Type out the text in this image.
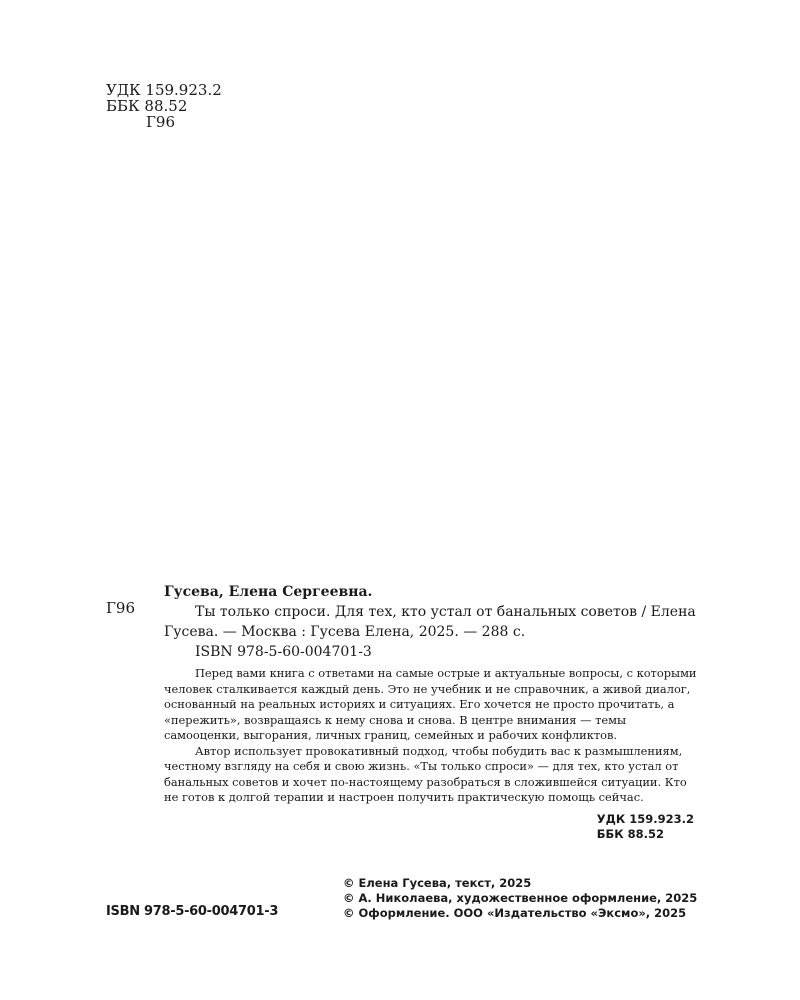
УДК 159.923.2
ББК 88.52
Г96
Г96
Гусева, Елена Сергеевна.
Ты только спроси. Для тех, кто устал от банальных советов / Елена Гусева. — Москва : Гусева Елена, 2025. — 288 с.
ISBN 978-5-60-004701-3

Перед вами книга с ответами на самые острые и актуальные вопросы, с которыми человек сталкивается каждый день. Это не учебник и не справочник, а живой диалог, основанный на реальных историях и ситуациях. Его хочется не просто прочитать, а «пережить», возвращаясь к нему снова и снова. В центре внимания — темы самооценки, выгорания, личных границ, семейных и рабочих конфликтов.

Автор использует провокативный подход, чтобы побудить вас к размышлениям, честному взгляду на себя и свою жизнь. «Ты только спроси» — для тех, кто устал от банальных советов и хочет по-настоящему разобраться в сложившейся ситуации. Кто не готов к долгой терапии и настроен получить практическую помощь сейчас.

УДК 159.923.2
ББК 88.52
ISBN 978-5-60-004701-3
© Елена Гусева, текст, 2025
© А. Николаева, художественное оформление, 2025
© Оформление. ООО «Издательство «Эксмо», 2025
